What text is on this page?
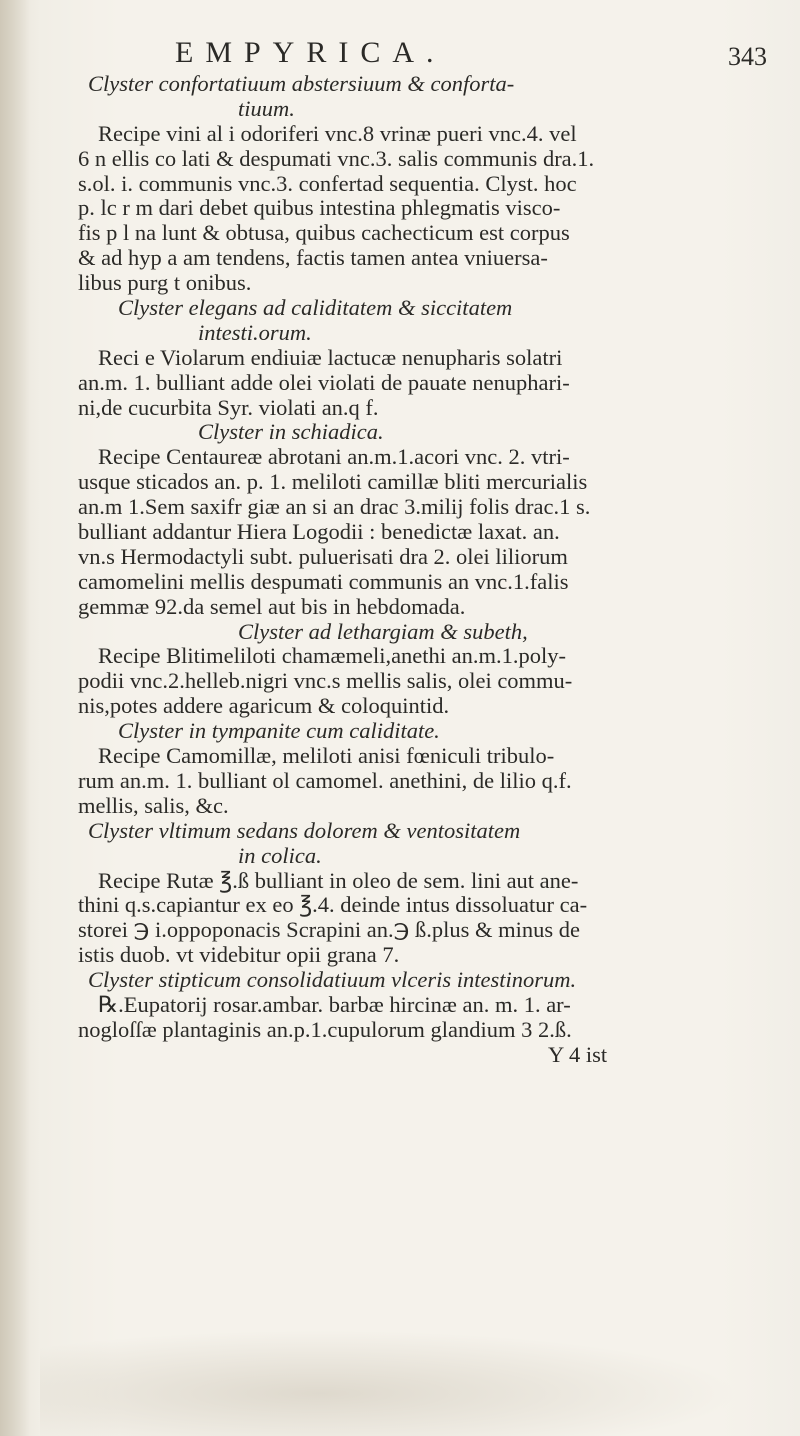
EMPYRICA.	343
Clyster confortatiuum abstersiuum & conforta-
tiuum.
Recipe vini al i odoriferi vnc.8 vrinæ pueri vnc.4. vel
6 n ellis co lati & despumati vnc.3. salis communis dra.1.
s.ol. i. communis vnc.3. confertad sequentia. Clyst. hoc
p. lc r m dari debet quibus intestina phlegmatis visco-
fis p l na lunt & obtusa, quibus cachecticum est corpus
& ad hyp a am tendens, factis tamen antea vniuersa-
libus purg t onibus.
Clyster elegans ad caliditatem & siccitatem
intesti.orum.
Reci e Violarum endiuiæ lactucæ nenupharis solatri
an.m. 1. bulliant adde olei violati de pauate nenuphari-
ni,de cucurbita Syr. violati an.q f.
Clyster in schiadica.
Recipe Centaureæ abrotani an.m.1.acori vnc. 2. vtri-
usque sticados an. p. 1. meliloti camillæ bliti mercurialis
an.m 1.Sem saxifr giæ an si an drac 3.milij folis drac.1 s.
bulliant addantur Hiera Logodii : benedictæ laxat. an.
vn.s Hermodactyli subt. puluerisati dra 2. olei liliorum
camomelini mellis despumati communis an vnc.1.falis
gemmæ 92.da semel aut bis in hebdomada.
Clyster ad lethargiam & subeth,
Recipe Blitimeliloti chamæmeli,anethi an.m.1.poly-
podii vnc.2.helleb.nigri vnc.s mellis salis, olei commu-
nis,potes addere agaricum & coloquintid.
Clyster in tympanite cum caliditate.
Recipe Camomillæ, meliloti anisi fœniculi tribulo-
rum an.m. 1. bulliant ol camomel. anethini, de lilio q.f.
mellis, salis, &c.
Clyster vltimum sedans dolorem & ventositatem
in colica.
Recipe Rutæ ℥.ß bulliant in oleo de sem. lini aut ane-
thini q.s.capiantur ex eo ℥.4. deinde intus dissoluatur ca-
storei ℈ i.oppoponacis Scrapini an.℈ ß.plus & minus de
istis duob. vt videbitur opii grana 7.
Clyster stipticum consolidatiuum vlceris intestinorum.
℞.Eupatorij rosar.ambar. barbæ hircinæ an. m. 1. ar-
nogloſſæ plantaginis an.p.1.cupulorum glandium 3 2.ß.
Y 4 ist
